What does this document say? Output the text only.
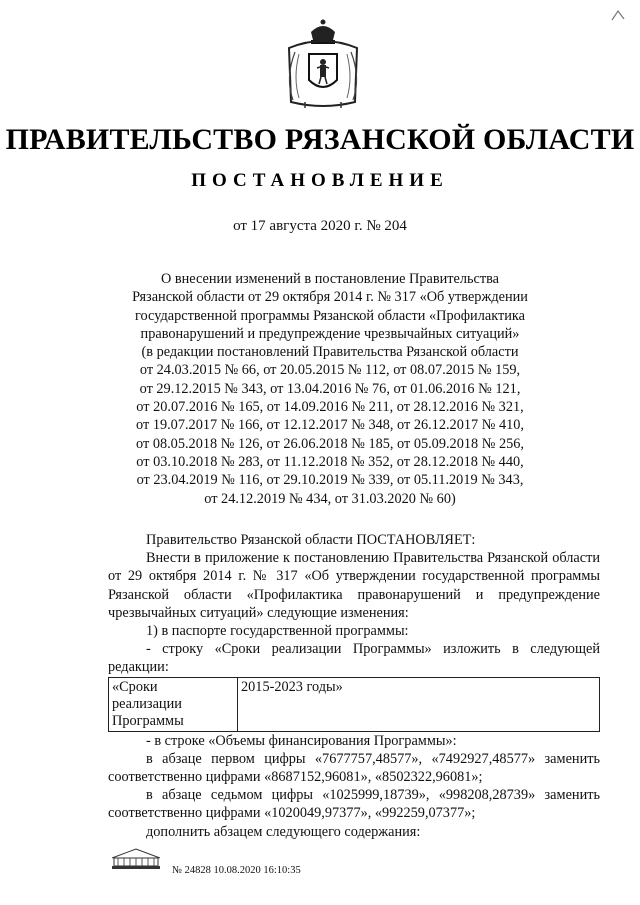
ПРАВИТЕЛЬСТВО РЯЗАНСКОЙ ОБЛАСТИ
ПОСТАНОВЛЕНИЕ
от 17 августа 2020 г. № 204
О внесении изменений в постановление Правительства
Рязанской области от 29 октября 2014 г. № 317 «Об утверждении
государственной программы Рязанской области «Профилактика
правонарушений и предупреждение чрезвычайных ситуаций»
(в редакции постановлений Правительства Рязанской области
от 24.03.2015 № 66, от 20.05.2015 № 112, от 08.07.2015 № 159,
от 29.12.2015 № 343, от 13.04.2016 № 76, от 01.06.2016 № 121,
от 20.07.2016 № 165, от 14.09.2016 № 211, от 28.12.2016 № 321,
от 19.07.2017 № 166, от 12.12.2017 № 348, от 26.12.2017 № 410,
от 08.05.2018 № 126, от 26.06.2018 № 185, от 05.09.2018 № 256,
от 03.10.2018 № 283, от 11.12.2018 № 352, от 28.12.2018 № 440,
от 23.04.2019 № 116, от 29.10.2019 № 339, от 05.11.2019 № 343,
от 24.12.2019 № 434, от 31.03.2020 № 60)

Правительство Рязанской области ПОСТАНОВЛЯЕТ:

Внести в приложение к постановлению Правительства Рязанской области от 29 октября 2014 г. № 317 «Об утверждении государственной программы Рязанской области «Профилактика правонарушений и предупреждение чрезвычайных ситуаций» следующие изменения:

1) в паспорте государственной программы:

- строку «Сроки реализации Программы» изложить в следующей

редакции:

«Сроки
реализации
Программы
	2015-2023 годы»

- в строке «Объемы финансирования Программы»:

в абзаце первом цифры «7677757,48577», «7492927,48577» заменить соответственно цифрами «8687152,96081», «8502322,96081»;

в абзаце седьмом цифры «1025999,18739», «998208,28739» заменить соответственно цифрами «1020049,97377», «992259,07377»;

дополнить абзацем следующего содержания:

ПРАВИТЕЛЬСТВО № 24828 10.08.2020 16:10:35
